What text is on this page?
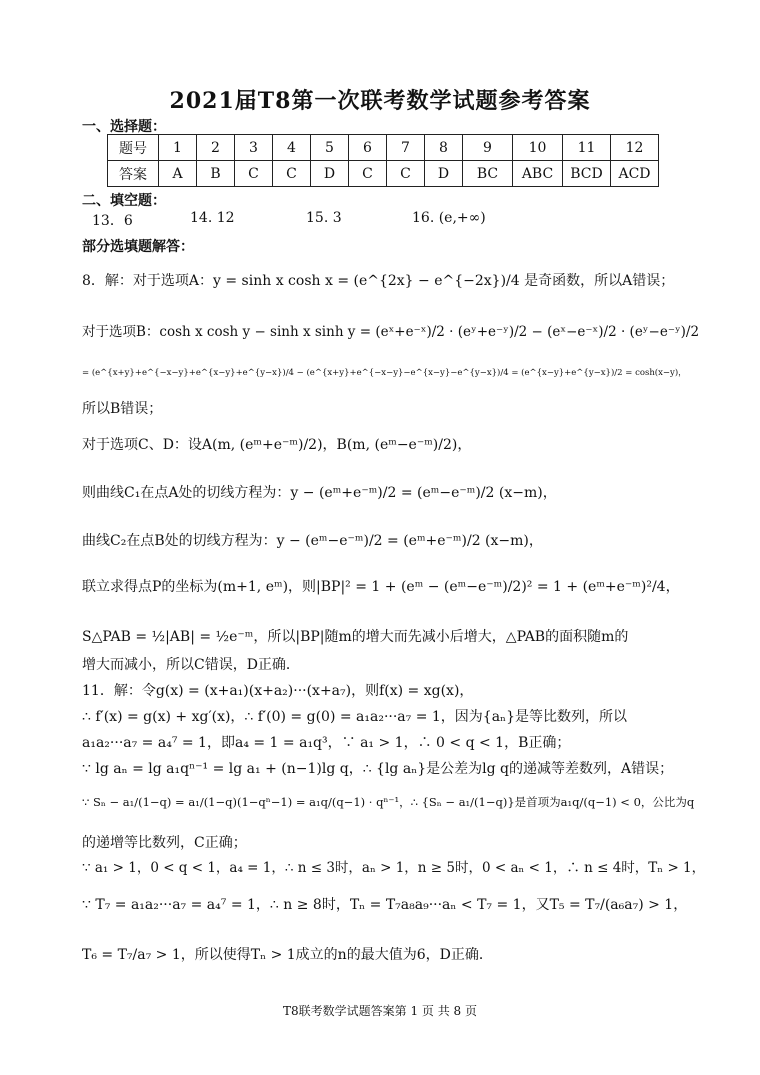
2021届T8第一次联考数学试题参考答案
一、选择题：
题号	1	2	3	4	5	6	7	8	9	10	11	12
答案	A	B	C	C	D	C	C	D	BC	ABC	BCD	ACD
二、填空题：
13．6	14. 12	15. 3	16. (e,+∞)
部分选填题解答：
8．解：对于选项A：y = sinh x cosh x = (e^{2x} − e^{−2x})/4 是奇函数，所以A错误；
对于选项B：cosh x cosh y − sinh x sinh y = (eˣ+e⁻ˣ)/2 · (eʸ+e⁻ʸ)/2 − (eˣ−e⁻ˣ)/2 · (eʸ−e⁻ʸ)/2
= (e^{x+y}+e^{−x−y}+e^{x−y}+e^{y−x})/4 − (e^{x+y}+e^{−x−y}−e^{x−y}−e^{y−x})/4 = (e^{x−y}+e^{y−x})/2 = cosh(x−y)，
所以B错误；
对于选项C、D：设A(m, (eᵐ+e⁻ᵐ)/2)，B(m, (eᵐ−e⁻ᵐ)/2)，
则曲线C₁在点A处的切线方程为：y − (eᵐ+e⁻ᵐ)/2 = (eᵐ−e⁻ᵐ)/2 (x−m)，
曲线C₂在点B处的切线方程为：y − (eᵐ−e⁻ᵐ)/2 = (eᵐ+e⁻ᵐ)/2 (x−m)，
联立求得点P的坐标为(m+1, eᵐ)，则|BP|² = 1 + (eᵐ − (eᵐ−e⁻ᵐ)/2)² = 1 + (eᵐ+e⁻ᵐ)²/4，
S△PAB = ½|AB| = ½e⁻ᵐ，所以|BP|随m的增大而先减小后增大，△PAB的面积随m的
增大而减小，所以C错误，D正确．
11．解：令g(x) = (x+a₁)(x+a₂)···(x+a₇)，则f(x) = xg(x)，
∴ f′(x) = g(x) + xg′(x)，∴ f′(0) = g(0) = a₁a₂···a₇ = 1，因为{aₙ}是等比数列，所以
a₁a₂···a₇ = a₄⁷ = 1，即a₄ = 1 = a₁q³，∵ a₁ > 1，∴ 0 < q < 1，B正确；
∵ lg aₙ = lg a₁qⁿ⁻¹ = lg a₁ + (n−1)lg q，∴ {lg aₙ}是公差为lg q的递减等差数列，A错误；
∵ Sₙ − a₁/(1−q) = a₁/(1−q)(1−qⁿ−1) = a₁q/(q−1) · qⁿ⁻¹，∴ {Sₙ − a₁/(1−q)}是首项为a₁q/(q−1) < 0，公比为q
的递增等比数列，C正确；
∵ a₁ > 1，0 < q < 1，a₄ = 1，∴ n ≤ 3时，aₙ > 1，n ≥ 5时，0 < aₙ < 1，∴ n ≤ 4时，Tₙ > 1，
∵ T₇ = a₁a₂···a₇ = a₄⁷ = 1，∴ n ≥ 8时，Tₙ = T₇a₈a₉···aₙ < T₇ = 1，又T₅ = T₇/(a₆a₇) > 1，
T₆ = T₇/a₇ > 1，所以使得Tₙ > 1成立的n的最大值为6，D正确．
T8联考数学试题答案第 1 页 共 8 页
